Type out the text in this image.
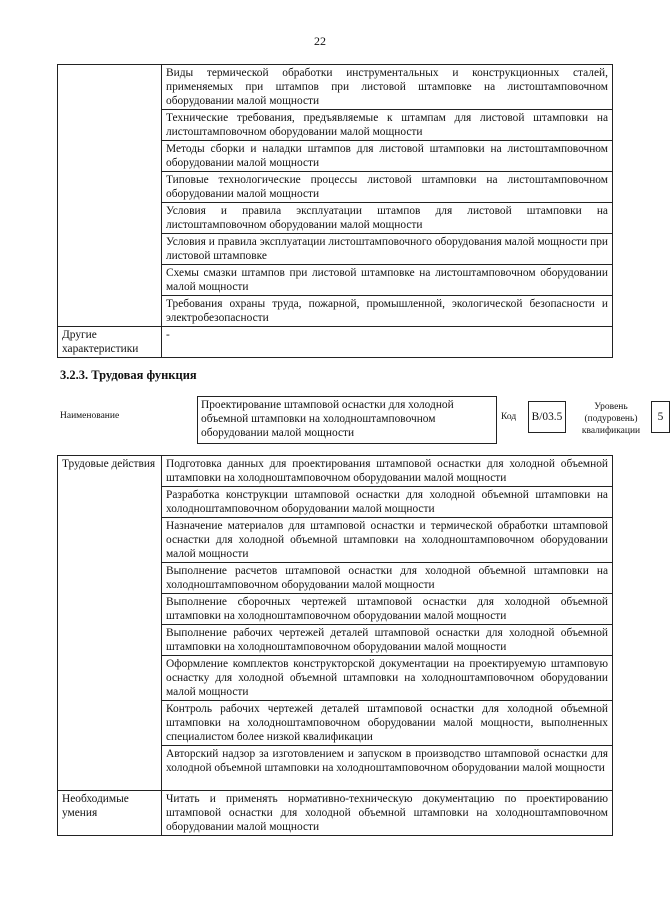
22
	Виды термической обработки инструментальных и конструкционных сталей, применяемых при штампов при листовой штамповке на листоштамповочном оборудовании малой мощности
	Технические требования, предъявляемые к штампам для листовой штамповки на листоштамповочном оборудовании малой мощности
	Методы сборки и наладки штампов для листовой штамповки на листоштамповочном оборудовании малой мощности
	Типовые технологические процессы листовой штамповки на листоштамповочном оборудовании малой мощности
	Условия и правила эксплуатации штампов для листовой штамповки на листоштамповочном оборудовании малой мощности
	Условия и правила эксплуатации листоштамповочного оборудования малой мощности при листовой штамповке
	Схемы смазки штампов при листовой штамповке на листоштамповочном оборудовании малой мощности
	Требования охраны труда, пожарной, промышленной, экологической безопасности и электробезопасности
Другие характеристики	-
3.2.3. Трудовая функция
Наименование
Проектирование штамповой оснастки для холодной объемной штамповки на холодноштамповочном оборудовании малой мощности
Код	B/03.5
Уровень (подуровень) квалификации
5
Трудовые действия	Подготовка данных для проектирования штамповой оснастки для холодной объемной штамповки на холодноштамповочном оборудовании малой мощности
	Разработка конструкции штамповой оснастки для холодной объемной штамповки на холодноштамповочном оборудовании малой мощности
	Назначение материалов для штамповой оснастки и термической обработки штамповой оснастки для холодной объемной штамповки на холодноштамповочном оборудовании малой мощности
	Выполнение расчетов штамповой оснастки для холодной объемной штамповки на холодноштамповочном оборудовании малой мощности
	Выполнение сборочных чертежей штамповой оснастки для холодной объемной штамповки на холодноштамповочном оборудовании малой мощности
	Выполнение рабочих чертежей деталей штамповой оснастки для холодной объемной штамповки на холодноштамповочном оборудовании малой мощности
	Оформление комплектов конструкторской документации на проектируемую штамповую оснастку для холодной объемной штамповки на холодноштамповочном оборудовании малой мощности
	Контроль рабочих чертежей деталей штамповой оснастки для холодной объемной штамповки на холодноштамповочном оборудовании малой мощности, выполненных специалистом более низкой квалификации
	Авторский надзор за изготовлением и запуском в производство штамповой оснастки для холодной объемной штамповки на холодноштамповочном оборудовании малой мощности
Необходимые умения	Читать и применять нормативно-техническую документацию по проектированию штамповой оснастки для холодной объемной штамповки на холодноштамповочном оборудовании малой мощности
